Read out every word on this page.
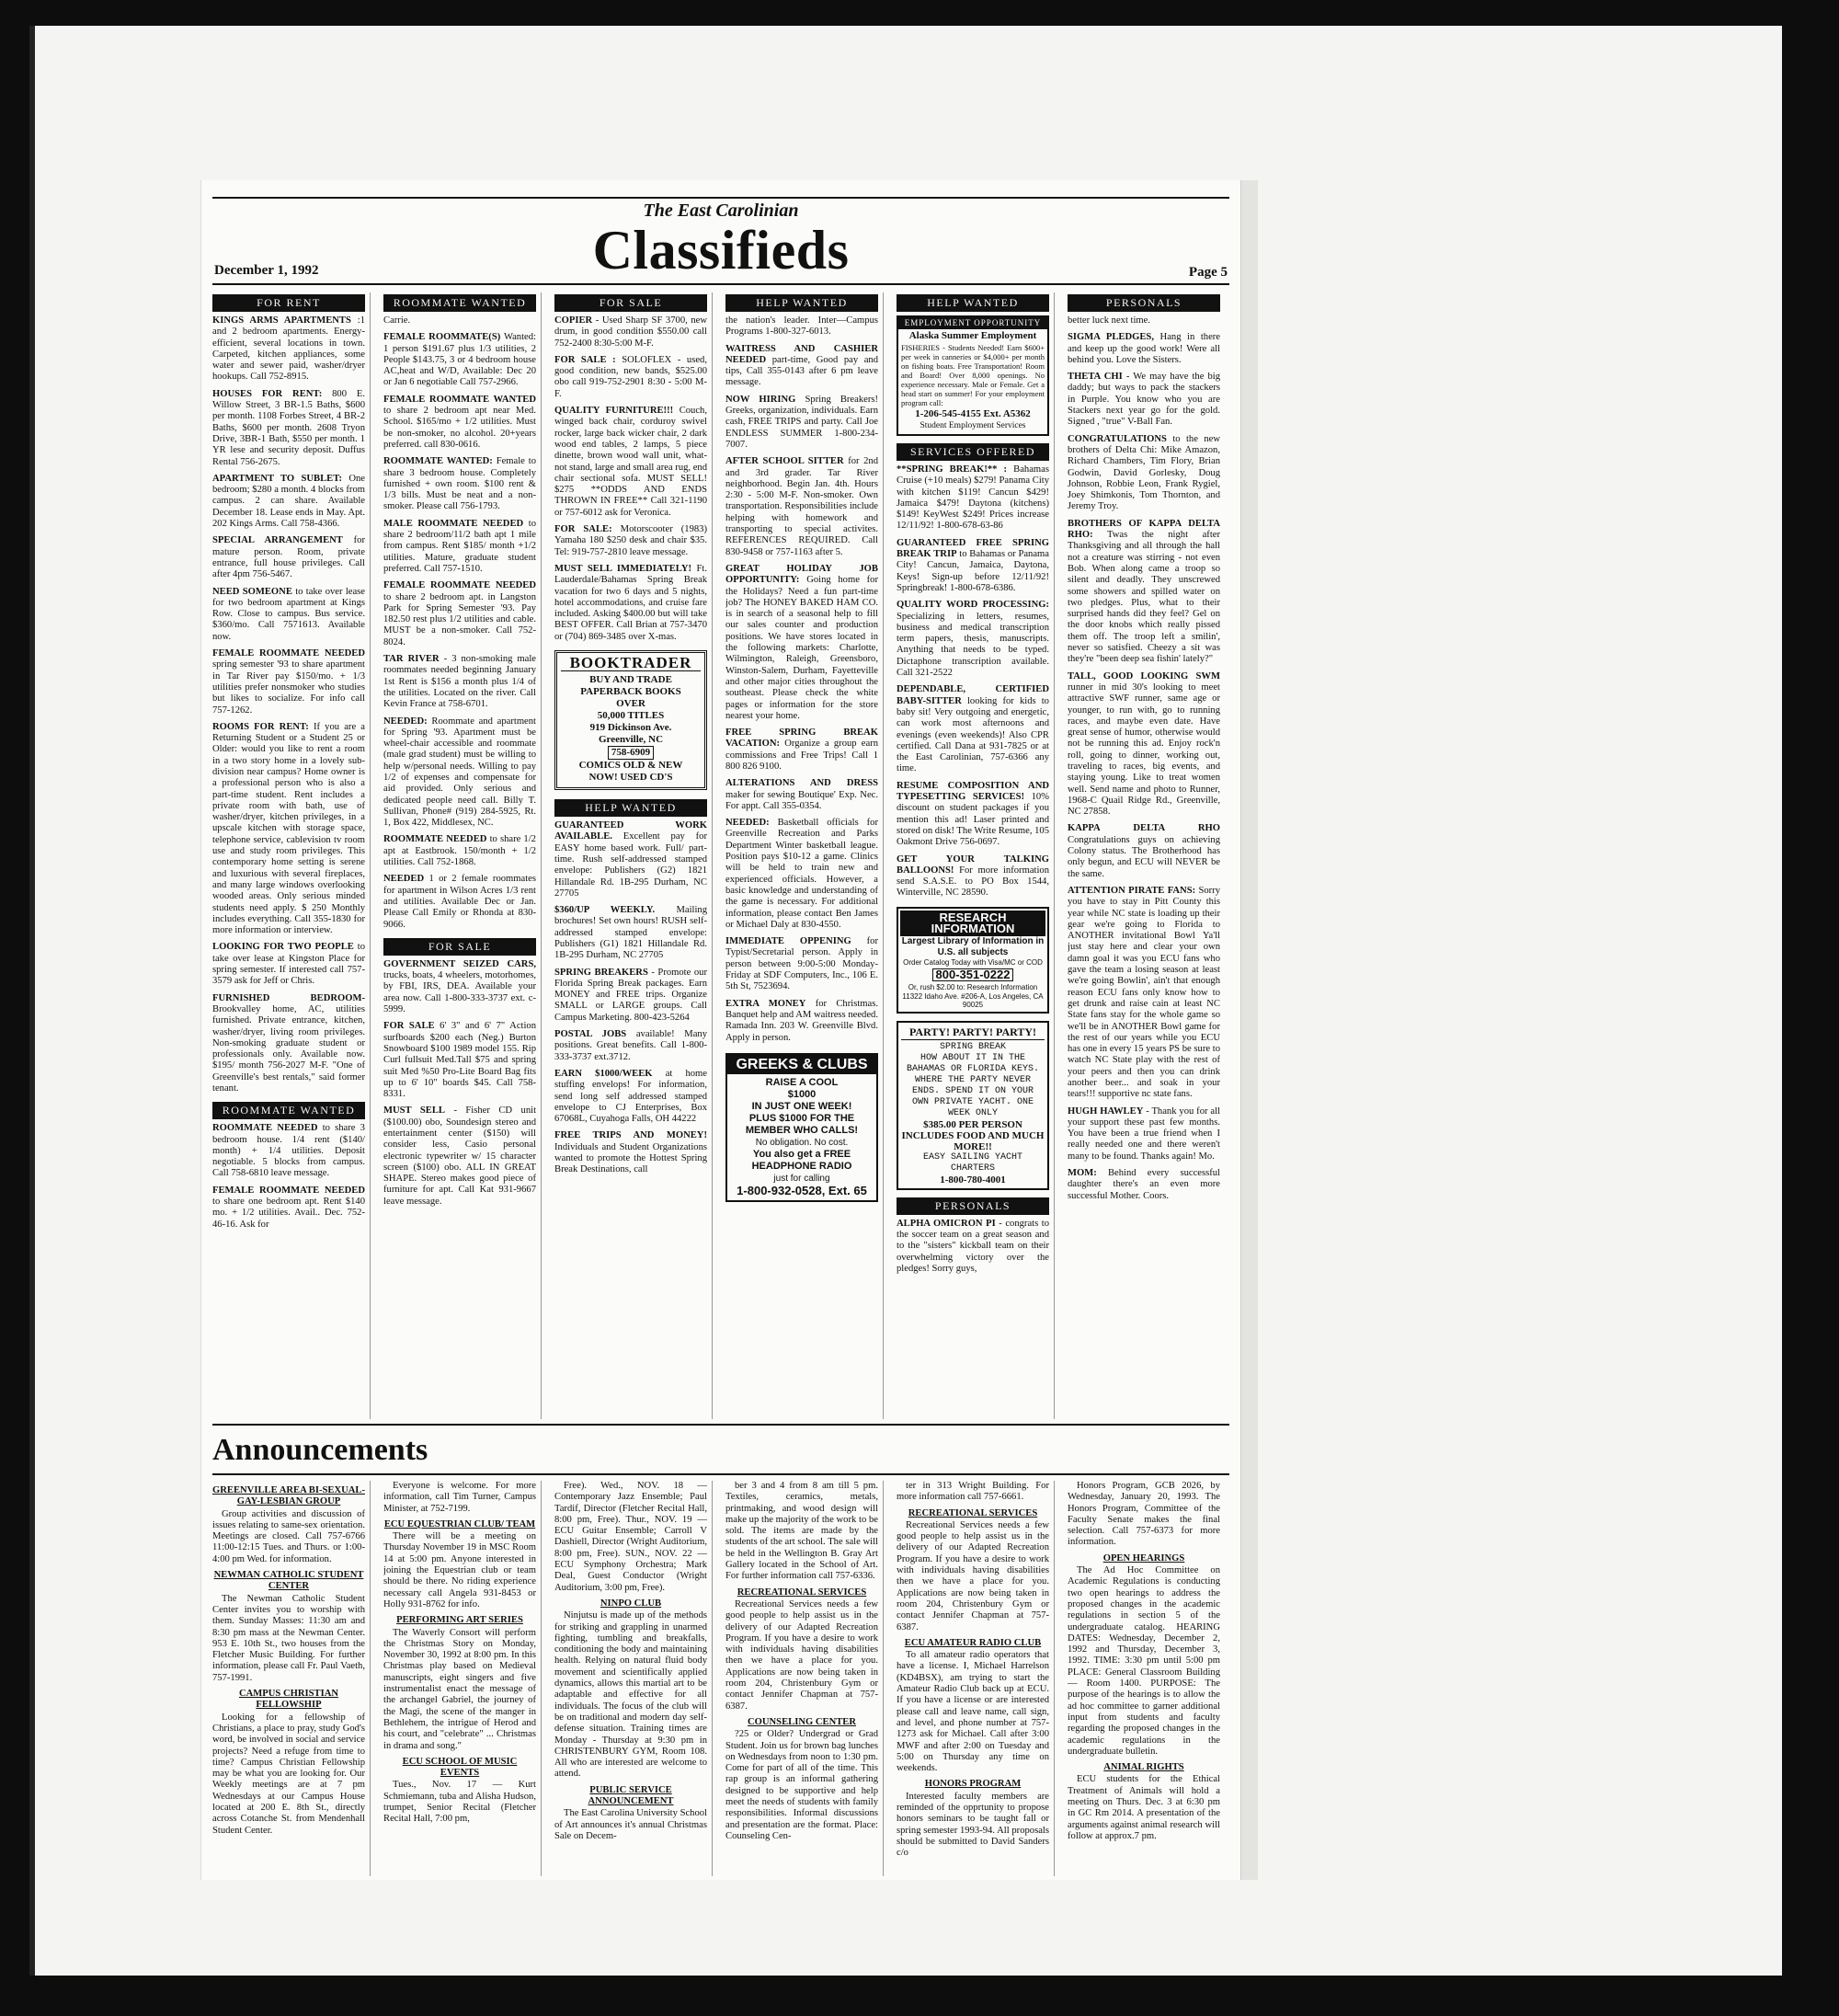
The East Carolinian
Classifieds
December 1, 1992	Page 5
FOR RENT

KINGS ARMS APARTMENTS :1 and 2 bedroom apartments. Energy-efficient, several locations in town. Carpeted, kitchen appliances, some water and sewer paid, washer/dryer hookups. Call 752-8915.

HOUSES FOR RENT: 800 E. Willow Street, 3 BR-1.5 Baths, $600 per month. 1108 Forbes Street, 4 BR-2 Baths, $600 per month. 2608 Tryon Drive, 3BR-1 Bath, $550 per month. 1 YR lese and security deposit. Duffus Rental 756-2675.

APARTMENT TO SUBLET: One bedroom; $280 a month. 4 blocks from campus. 2 can share. Available December 18. Lease ends in May. Apt. 202 Kings Arms. Call 758-4366.

SPECIAL ARRANGEMENT for mature person. Room, private entrance, full house privileges. Call after 4pm 756-5467.

NEED SOMEONE to take over lease for two bedroom apartment at Kings Row. Close to campus. Bus service. $360/mo. Call 7571613. Available now.

FEMALE ROOMMATE NEEDED spring semester '93 to share apartment in Tar River pay $150/mo. + 1/3 utilities prefer nonsmoker who studies but likes to socialize. For info call 757-1262.

ROOMS FOR RENT: If you are a Returning Student or a Student 25 or Older: would you like to rent a room in a two story home in a lovely sub-division near campus? Home owner is a professional person who is also a part-time student. Rent includes a private room with bath, use of washer/dryer, kitchen privileges, in a upscale kitchen with storage space, telephone service, cablevision tv room use and study room privileges. This contemporary home setting is serene and luxurious with several fireplaces, and many large windows overlooking wooded areas. Only serious minded students need apply. $ 250 Monthly includes everything. Call 355-1830 for more information or interview.

LOOKING FOR TWO PEOPLE to take over lease at Kingston Place for spring semester. If interested call 757-3579 ask for Jeff or Chris.

FURNISHED BEDROOM- Brookvalley home, AC, utilities furnished. Private entrance, kitchen, washer/dryer, living room privileges. Non-smoking graduate student or professionals only. Available now. $195/ month 756-2027 M-F. "One of Greenville's best rentals," said former tenant.

ROOMMATE WANTED

ROOMMATE NEEDED to share 3 bedroom house. 1/4 rent ($140/ month) + 1/4 utilities. Deposit negotiable. 5 blocks from campus. Call 758-6810 leave message.

FEMALE ROOMMATE NEEDED to share one bedroom apt. Rent $140 mo. + 1/2 utilities. Avail.. Dec. 752-46-16. Ask for

ROOMMATE WANTED

Carrie.

FEMALE ROOMMATE(S) Wanted: 1 person $191.67 plus 1/3 utilities, 2 People $143.75, 3 or 4 bedroom house AC,heat and W/D, Available: Dec 20 or Jan 6 negotiable Call 757-2966.

FEMALE ROOMMATE WANTED to share 2 bedroom apt near Med. School. $165/mo + 1/2 utilities. Must be non-smoker, no alcohol. 20+years preferred. call 830-0616.

ROOMMATE WANTED: Female to share 3 bedroom house. Completely furnished + own room. $100 rent & 1/3 bills. Must be neat and a non-smoker. Please call 756-1793.

MALE ROOMMATE NEEDED to share 2 bedroom/11/2 bath apt 1 mile from campus. Rent $185/ month +1/2 utilities. Mature, graduate student preferred. Call 757-1510.

FEMALE ROOMMATE NEEDED to share 2 bedroom apt. in Langston Park for Spring Semester '93. Pay 182.50 rest plus 1/2 utilities and cable. MUST be a non-smoker. Call 752-8024.

TAR RIVER - 3 non-smoking male roommates needed beginning January 1st Rent is $156 a month plus 1/4 of the utilities. Located on the river. Call Kevin France at 758-6701.

NEEDED: Roommate and apartment for Spring '93. Apartment must be wheel-chair accessible and roommate (male grad student) must be willing to help w/personal needs. Willing to pay 1/2 of expenses and compensate for aid provided. Only serious and dedicated people need call. Billy T. Sullivan, Phone# (919) 284-5925, Rt. 1, Box 422, Middlesex, NC.

ROOMMATE NEEDED to share 1/2 apt at Eastbrook. 150/month + 1/2 utilities. Call 752-1868.

NEEDED 1 or 2 female roommates for apartment in Wilson Acres 1/3 rent and utilities. Available Dec or Jan. Please Call Emily or Rhonda at 830-9066.

FOR SALE

GOVERNMENT SEIZED CARS, trucks, boats, 4 wheelers, motorhomes, by FBI, IRS, DEA. Available your area now. Call 1-800-333-3737 ext. c-5999.

FOR SALE 6' 3" and 6' 7" Action surfboards $200 each (Neg.) Burton Snowboard $100 1989 model 155. Rip Curl fullsuit Med.Tall $75 and spring suit Med %50 Pro-Lite Board Bag fits up to 6' 10" boards $45. Call 758-8331.

MUST SELL - Fisher CD unit ($100.00) obo, Soundesign stereo and entertainment center ($150) will consider less, Casio personal electronic typewriter w/ 15 character screen ($100) obo. ALL IN GREAT SHAPE. Stereo makes good piece of furniture for apt. Call Kat 931-9667 leave message.

FOR SALE

COPIER - Used Sharp SF 3700, new drum, in good condition $550.00 call 752-2400 8:30-5:00 M-F.

FOR SALE : SOLOFLEX - used, good condition, new bands, $525.00 obo call 919-752-2901 8:30 - 5:00 M-F.

QUALITY FURNITURE!!! Couch, winged back chair, corduroy swivel rocker, large back wicker chair, 2 dark wood end tables, 2 lamps, 5 piece dinette, brown wood wall unit, what-not stand, large and small area rug, end chair sectional sofa. MUST SELL! $275 **ODDS AND ENDS THROWN IN FREE** Call 321-1190 or 757-6012 ask for Veronica.

FOR SALE: Motorscooter (1983) Yamaha 180 $250 desk and chair $35. Tel: 919-757-2810 leave message.

MUST SELL IMMEDIATELY! Ft. Lauderdale/Bahamas Spring Break vacation for two 6 days and 5 nights, hotel accommodations, and cruise fare included. Asking $400.00 but will take BEST OFFER. Call Brian at 757-3470 or (704) 869-3485 over X-mas.

BOOKTRADER
BUY AND TRADE
PAPERBACK BOOKS
OVER
50,000 TITLES
919 Dickinson Ave.
Greenville, NC
758-6909
COMICS OLD & NEW
NOW! USED CD'S
HELP WANTED

GUARANTEED WORK AVAILABLE. Excellent pay for EASY home based work. Full/ part-time. Rush self-addressed stamped envelope: Publishers (G2) 1821 Hillandale Rd. 1B-295 Durham, NC 27705

$360/UP WEEKLY. Mailing brochures! Set own hours! RUSH self-addressed stamped envelope: Publishers (G1) 1821 Hillandale Rd. 1B-295 Durham, NC 27705

SPRING BREAKERS - Promote our Florida Spring Break packages. Earn MONEY and FREE trips. Organize SMALL or LARGE groups. Call Campus Marketing. 800-423-5264

POSTAL JOBS available! Many positions. Great benefits. Call 1-800-333-3737 ext.3712.

EARN $1000/WEEK at home stuffing envelops! For information, send long self addressed stamped envelope to CJ Enterprises, Box 67068L, Cuyahoga Falls, OH 44222

FREE TRIPS AND MONEY! Individuals and Student Organizations wanted to promote the Hottest Spring Break Destinations, call

HELP WANTED

the nation's leader. Inter—Campus Programs 1-800-327-6013.

WAITRESS AND CASHIER NEEDED part-time, Good pay and tips, Call 355-0143 after 6 pm leave message.

NOW HIRING Spring Breakers! Greeks, organization, individuals. Earn cash, FREE TRIPS and party. Call Joe ENDLESS SUMMER 1-800-234-7007.

AFTER SCHOOL SITTER for 2nd and 3rd grader. Tar River neighborhood. Begin Jan. 4th. Hours 2:30 - 5:00 M-F. Non-smoker. Own transportation. Responsibilities include helping with homework and transporting to special activites. REFERENCES REQUIRED. Call 830-9458 or 757-1163 after 5.

GREAT HOLIDAY JOB OPPORTUNITY: Going home for the Holidays? Need a fun part-time job? The HONEY BAKED HAM CO. is in search of a seasonal help to fill our sales counter and production positions. We have stores located in the following markets: Charlotte, Wilmington, Raleigh, Greensboro, Winston-Salem, Durham, Fayetteville and other major cities throughout the southeast. Please check the white pages or information for the store nearest your home.

FREE SPRING BREAK VACATION: Organize a group earn commissions and Free Trips! Call 1 800 826 9100.

ALTERATIONS AND DRESS maker for sewing Boutique' Exp. Nec. For appt. Call 355-0354.

NEEDED: Basketball officials for Greenville Recreation and Parks Department Winter basketball league. Position pays $10-12 a game. Clinics will be held to train new and experienced officials. However, a basic knowledge and understanding of the game is necessary. For additional information, please contact Ben James or Michael Daly at 830-4550.

IMMEDIATE OPPENING for Typist/Secretarial person. Apply in person between 9:00-5:00 Monday-Friday at SDF Computers, Inc., 106 E. 5th St, 7523694.

EXTRA MONEY for Christmas. Banquet help and AM waitress needed. Ramada Inn. 203 W. Greenville Blvd. Apply in person.

GREEKS & CLUBS
RAISE A COOL
$1000
IN JUST ONE WEEK!
PLUS $1000 FOR THE
MEMBER WHO CALLS!
No obligation. No cost.
You also get a FREE
HEADPHONE RADIO
just for calling
1-800-932-0528, Ext. 65
HELP WANTED
EMPLOYMENT OPPORTUNITY
Alaska Summer Employment
FISHERIES - Students Needed! Earn $600+ per week in canneries or $4,000+ per month on fishing boats. Free Transportation! Room and Board! Over 8,000 openings. No experience necessary. Male or Female. Get a head start on summer! For your employment program call:
1-206-545-4155 Ext. A5362
Student Employment Services
SERVICES OFFERED

**SPRING BREAK!** : Bahamas Cruise (+10 meals) $279! Panama City with kitchen $119! Cancun $429! Jamaica $479! Daytona (kitchens) $149! KeyWest $249! Prices increase 12/11/92! 1-800-678-63-86

GUARANTEED FREE SPRING BREAK TRIP to Bahamas or Panama City! Cancun, Jamaica, Daytona, Keys! Sign-up before 12/11/92! Springbreak! 1-800-678-6386.

QUALITY WORD PROCESSING: Specializing in letters, resumes, business and medical transcription term papers, thesis, manuscripts. Anything that needs to be typed. Dictaphone transcription available. Call 321-2522

DEPENDABLE, CERTIFIED BABY-SITTER looking for kids to baby sit! Very outgoing and energetic, can work most afternoons and evenings (even weekends)! Also CPR certified. Call Dana at 931-7825 or at the East Carolinian, 757-6366 any time.

RESUME COMPOSITION AND TYPESETTING SERVICES! 10% discount on student packages if you mention this ad! Laser printed and stored on disk! The Write Resume, 105 Oakmont Drive 756-0697.

GET YOUR TALKING BALLOONS! For more information send S.A.S.E. to PO Box 1544, Winterville, NC 28590.

RESEARCH INFORMATION
Largest Library of Information in U.S. all subjects
Order Catalog Today with Visa/MC or COD
800-351-0222
Or, rush $2.00 to: Research Information 11322 Idaho Ave. #206-A, Los Angeles, CA 90025
PARTY! PARTY! PARTY!
SPRING BREAK
HOW ABOUT IT IN THE BAHAMAS OR FLORIDA KEYS. WHERE THE PARTY NEVER ENDS. SPEND IT ON YOUR OWN PRIVATE YACHT. ONE WEEK ONLY
$385.00 PER PERSON INCLUDES FOOD AND MUCH MORE!!
EASY SAILING YACHT CHARTERS
1-800-780-4001
PERSONALS

ALPHA OMICRON PI - congrats to the soccer team on a great season and to the "sisters" kickball team on their overwhelming victory over the pledges! Sorry guys,

PERSONALS

better luck next time.

SIGMA PLEDGES, Hang in there and keep up the good work! Were all behind you. Love the Sisters.

THETA CHI - We may have the big daddy; but ways to pack the stackers in Purple. You know who you are Stackers next year go for the gold. Signed , "true" V-Ball Fan.

CONGRATULATIONS to the new brothers of Delta Chi: Mike Amazon, Richard Chambers, Tim Flory, Brian Godwin, David Gorlesky, Doug Johnson, Robbie Leon, Frank Rygiel, Joey Shimkonis, Tom Thornton, and Jeremy Troy.

BROTHERS OF KAPPA DELTA RHO: Twas the night after Thanksgiving and all through the hall not a creature was stirring - not even Bob. When along came a troop so silent and deadly. They unscrewed some showers and spilled water on two pledges. Plus, what to their surprised hands did they feel? Gel on the door knobs which really pissed them off. The troop left a smilin', never so satisfied. Cheezy a sit was they're "been deep sea fishin' lately?"

TALL, GOOD LOOKING SWM runner in mid 30's looking to meet attractive SWF runner, same age or younger, to run with, go to running races, and maybe even date. Have great sense of humor, otherwise would not be running this ad. Enjoy rock'n roll, going to dinner, working out, traveling to races, big events, and staying young. Like to treat women well. Send name and photo to Runner, 1968-C Quail Ridge Rd., Greenville, NC 27858.

KAPPA DELTA RHO Congratulations guys on achieving Colony status. The Brotherhood has only begun, and ECU will NEVER be the same.

ATTENTION PIRATE FANS: Sorry you have to stay in Pitt County this year while NC state is loading up their gear we're going to Florida to ANOTHER invitational Bowl Ya'll just stay here and clear your own damn goal it was you ECU fans who gave the team a losing season at least we're going Bowlin', ain't that enough reason ECU fans only know how to get drunk and raise cain at least NC State fans stay for the whole game so we'll be in ANOTHER Bowl game for the rest of our years while you ECU has one in every 15 years PS be sure to watch NC State play with the rest of your peers and then you can drink another beer... and soak in your tears!!! supportive nc state fans.

HUGH HAWLEY - Thank you for all your support these past few months. You have been a true friend when I really needed one and there weren't many to be found. Thanks again! Mo.

MOM: Behind every successful daughter there's an even more successful Mother. Coors.

Announcements
GREENVILLE AREA BI-SEXUAL-GAY-LESBIAN GROUP

Group activities and discussion of issues relating to same-sex orientation. Meetings are closed. Call 757-6766 11:00-12:15 Tues. and Thurs. or 1:00-4:00 pm Wed. for information.

NEWMAN CATHOLIC STUDENT CENTER

The Newman Catholic Student Center invites you to worship with them. Sunday Masses: 11:30 am and 8:30 pm mass at the Newman Center. 953 E. 10th St., two houses from the Fletcher Music Building. For further information, please call Fr. Paul Vaeth, 757-1991.

CAMPUS CHRISTIAN FELLOWSHIP

Looking for a fellowship of Christians, a place to pray, study God's word, be involved in social and service projects? Need a refuge from time to time? Campus Christian Fellowship may be what you are looking for. Our Weekly meetings are at 7 pm Wednesdays at our Campus House located at 200 E. 8th St., directly across Cotanche St. from Mendenhall Student Center.

Everyone is welcome. For more information, call Tim Turner, Campus Minister, at 752-7199.

ECU EQUESTRIAN CLUB/ TEAM

There will be a meeting on Thursday November 19 in MSC Room 14 at 5:00 pm. Anyone interested in joining the Equestrian club or team should be there. No riding experience necessary call Angela 931-8453 or Holly 931-8762 for info.

PERFORMING ART SERIES

The Waverly Consort will perform the Christmas Story on Monday, November 30, 1992 at 8:00 pm. In this Christmas play based on Medieval manuscripts, eight singers and five instrumentalist enact the message of the archangel Gabriel, the journey of the Magi, the scene of the manger in Bethlehem, the intrigue of Herod and his court, and "celebrate" ... Christmas in drama and song."

ECU SCHOOL OF MUSIC EVENTS

Tues., Nov. 17 — Kurt Schmiemann, tuba and Alisha Hudson, trumpet, Senior Recital (Fletcher Recital Hall, 7:00 pm,

Free). Wed., NOV. 18 — Contemporary Jazz Ensemble; Paul Tardif, Director (Fletcher Recital Hall, 8:00 pm, Free). Thur., NOV. 19 — ECU Guitar Ensemble; Carroll V Dashiell, Director (Wright Auditorium, 8:00 pm, Free). SUN., NOV. 22 — ECU Symphony Orchestra; Mark Deal, Guest Conductor (Wright Auditorium, 3:00 pm, Free).

NINPO CLUB

Ninjutsu is made up of the methods for striking and grappling in unarmed fighting, tumbling and breakfalls, conditioning the body and maintaining health. Relying on natural fluid body movement and scientifically applied dynamics, allows this martial art to be adaptable and effective for all individuals. The focus of the club will be on traditional and modern day self-defense situation. Training times are Monday - Thursday at 9:30 pm in CHRISTENBURY GYM, Room 108. All who are interested are welcome to attend.

PUBLIC SERVICE ANNOUNCEMENT

The East Carolina University School of Art announces it's annual Christmas Sale on Decem-

ber 3 and 4 from 8 am till 5 pm. Textiles, ceramics, metals, printmaking, and wood design will make up the majority of the work to be sold. The items are made by the students of the art school. The sale will be held in the Wellington B. Gray Art Gallery located in the School of Art. For further information call 757-6336.

RECREATIONAL SERVICES

Recreational Services needs a few good people to help assist us in the delivery of our Adapted Recreation Program. If you have a desire to work with individuals having disabilities then we have a place for you. Applications are now being taken in room 204, Christenbury Gym or contact Jennifer Chapman at 757-6387.

COUNSELING CENTER

?25 or Older? Undergrad or Grad Student. Join us for brown bag lunches on Wednesdays from noon to 1:30 pm. Come for part of all of the time. This rap group is an informal gathering designed to be supportive and help meet the needs of students with family responsibilities. Informal discussions and presentation are the format. Place: Counseling Cen-

ter in 313 Wright Building. For more information call 757-6661.

RECREATIONAL SERVICES

Recreational Services needs a few good people to help assist us in the delivery of our Adapted Recreation Program. If you have a desire to work with individuals having disabilities then we have a place for you. Applications are now being taken in room 204, Christenbury Gym or contact Jennifer Chapman at 757-6387.

ECU AMATEUR RADIO CLUB

To all amateur radio operators that have a license. I, Michael Harrelson (KD4BSX), am trying to start the Amateur Radio Club back up at ECU. If you have a license or are interested please call and leave name, call sign, and level, and phone number at 757-1273 ask for Michael. Call after 3:00 MWF and after 2:00 on Tuesday and 5:00 on Thursday any time on weekends.

HONORS PROGRAM

Interested faculty members are reminded of the opprtunity to propose honors seminars to be taught fall or spring semester 1993-94. All proposals should be submitted to David Sanders c/o

Honors Program, GCB 2026, by Wednesday, January 20, 1993. The Honors Program, Committee of the Faculty Senate makes the final selection. Call 757-6373 for more information.

OPEN HEARINGS

The Ad Hoc Committee on Academic Regulations is conducting two open hearings to address the proposed changes in the academic regulations in section 5 of the undergraduate catalog. HEARING DATES: Wednesday, December 2, 1992 and Thursday, December 3, 1992. TIME: 3:30 pm until 5:00 pm PLACE: General Classroom Building — Room 1400. PURPOSE: The purpose of the hearings is to allow the ad hoc committee to garner additional input from students and faculty regarding the proposed changes in the academic regulations in the undergraduate bulletin.

ANIMAL RIGHTS

ECU students for the Ethical Treatment of Animals will hold a meeting on Thurs. Dec. 3 at 6:30 pm in GC Rm 2014. A presentation of the arguments against animal research will follow at approx.7 pm.
